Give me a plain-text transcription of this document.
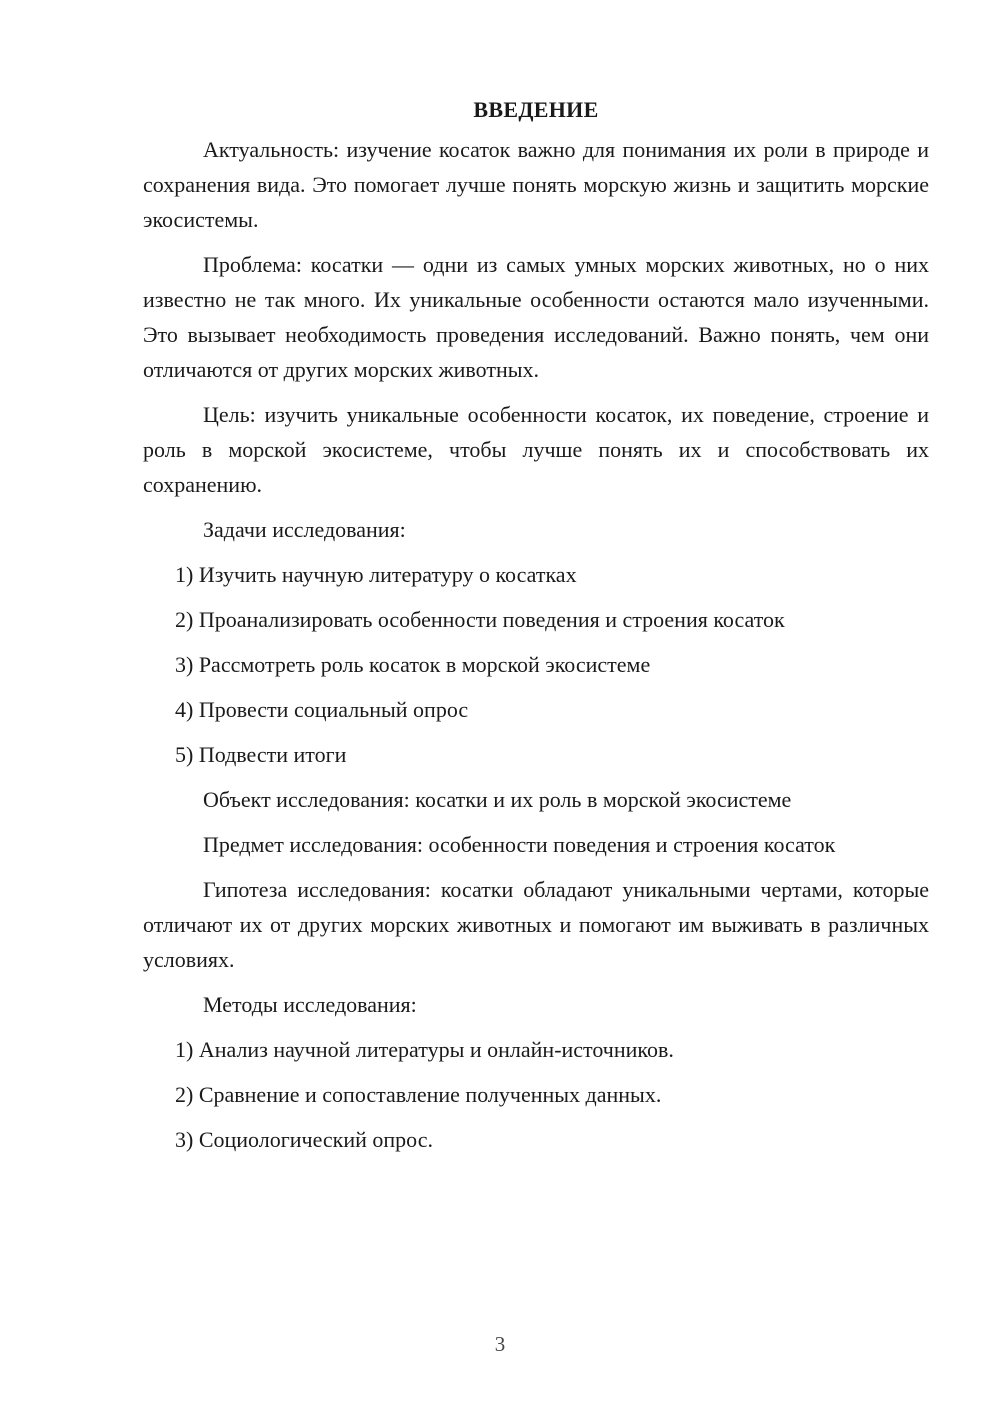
ВВЕДЕНИЕ

Актуальность: изучение косаток важно для понимания их роли в природе и сохранения вида. Это помогает лучше понять морскую жизнь и защитить морские экосистемы.

Проблема: косатки — одни из самых умных морских животных, но о них известно не так много. Их уникальные особенности остаются мало изученными. Это вызывает необходимость проведения исследований. Важно понять, чем они отличаются от других морских животных.

Цель: изучить уникальные особенности косаток, их поведение, строение и роль в морской экосистеме, чтобы лучше понять их и способствовать их сохранению.

Задачи исследования:

1) Изучить научную литературу о косатках

2) Проанализировать особенности поведения и строения косаток

3) Рассмотреть роль косаток в морской экосистеме

4) Провести социальный опрос

5) Подвести итоги

Объект исследования: косатки и их роль в морской экосистеме

Предмет исследования: особенности поведения и строения косаток

Гипотеза исследования: косатки обладают уникальными чертами, которые отличают их от других морских животных и помогают им выживать в различных условиях.

Методы исследования:

1) Анализ научной литературы и онлайн-источников.

2) Сравнение и сопоставление полученных данных.

3) Социологический опрос.

3
